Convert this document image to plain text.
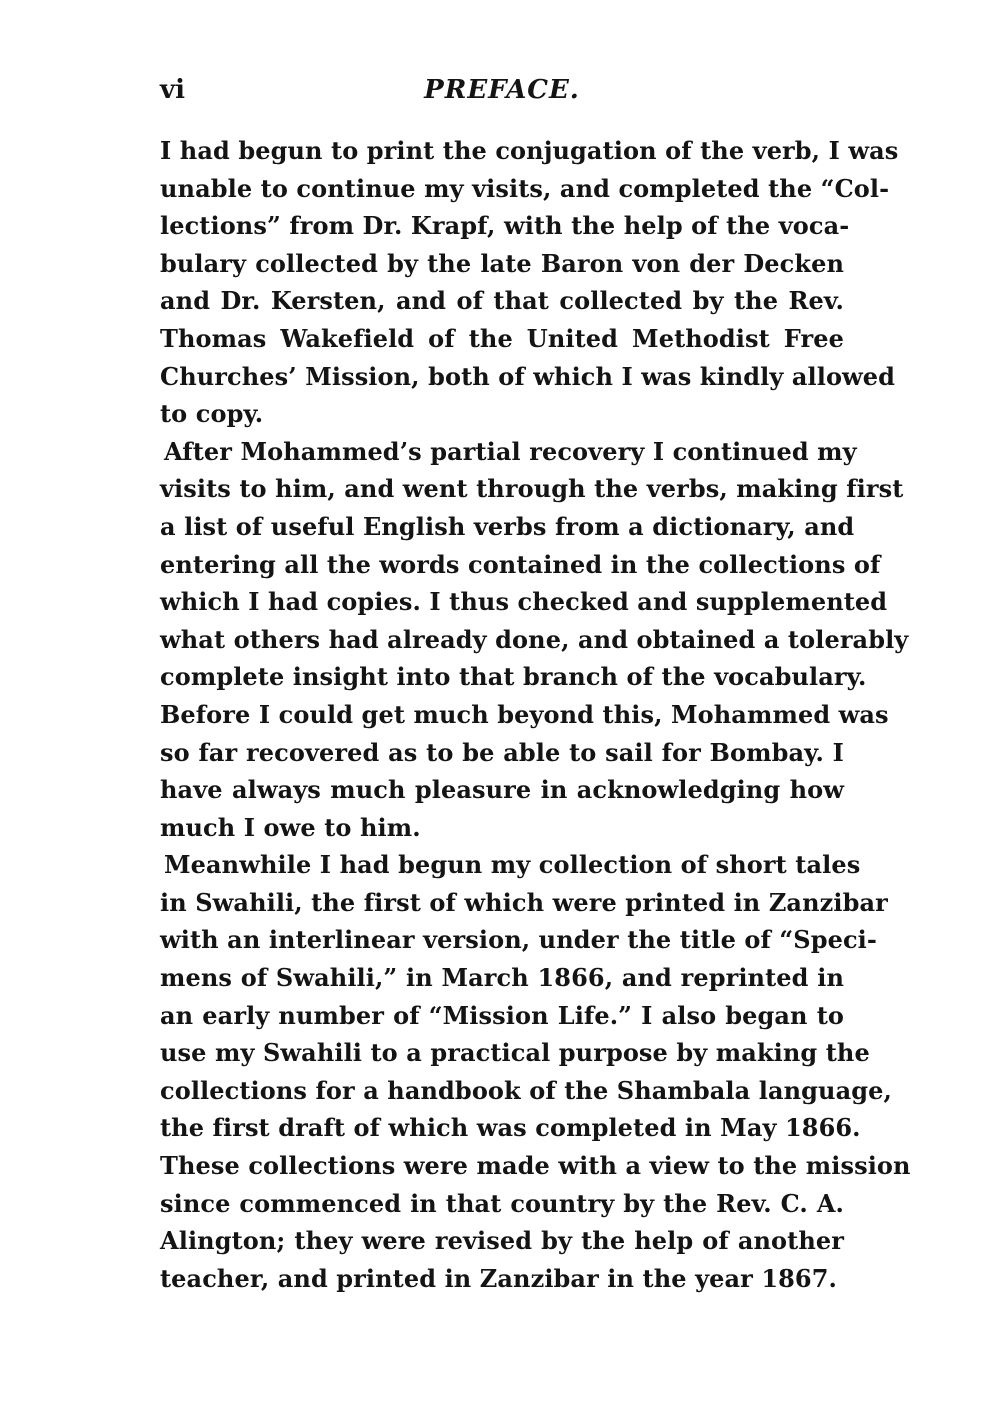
vi	PREFACE.
I had begun to print the conjugation of the verb, I was
unable to continue my visits, and completed the “Col-
lections” from Dr. Krapf, with the help of the voca-
bulary collected by the late Baron von der Decken
and Dr. Kersten, and of that collected by the Rev.
Thomas Wakefield of the United Methodist Free
Churches’ Mission, both of which I was kindly allowed
to copy.
After Mohammed’s partial recovery I continued my
visits to him, and went through the verbs, making first
a list of useful English verbs from a dictionary, and
entering all the words contained in the collections of
which I had copies. I thus checked and supplemented
what others had already done, and obtained a tolerably
complete insight into that branch of the vocabulary.
Before I could get much beyond this, Mohammed was
so far recovered as to be able to sail for Bombay. I
have always much pleasure in acknowledging how
much I owe to him.
Meanwhile I had begun my collection of short tales
in Swahili, the first of which were printed in Zanzibar
with an interlinear version, under the title of “Speci-
mens of Swahili,” in March 1866, and reprinted in
an early number of “Mission Life.” I also began to
use my Swahili to a practical purpose by making the
collections for a handbook of the Shambala language,
the first draft of which was completed in May 1866.
These collections were made with a view to the mission
since commenced in that country by the Rev. C. A.
Alington; they were revised by the help of another
teacher, and printed in Zanzibar in the year 1867.
